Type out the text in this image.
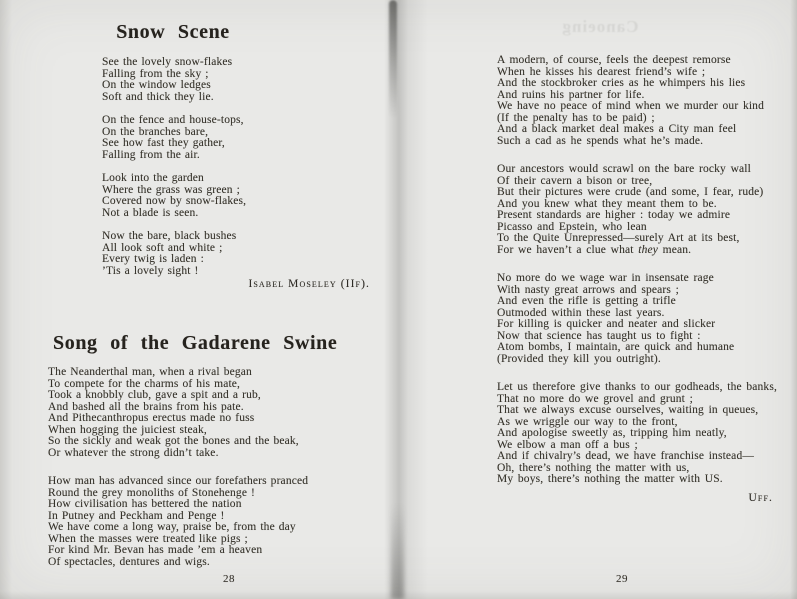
Canoeing
Snow Scene
See the lovely snow-flakes
Falling from the sky ;
On the window ledges
Soft and thick they lie.
On the fence and house-tops,
On the branches bare,
See how fast they gather,
Falling from the air.
Look into the garden
Where the grass was green ;
Covered now by snow-flakes,
Not a blade is seen.
Now the bare, black bushes
All look soft and white ;
Every twig is laden :
’Tis a lovely sight !
Isabel Moseley (IIf).
Song of the Gadarene Swine
The Neanderthal man, when a rival began
To compete for the charms of his mate,
Took a knobbly club, gave a spit and a rub,
And bashed all the brains from his pate.
And Pithecanthropus erectus made no fuss
When hogging the juiciest steak,
So the sickly and weak got the bones and the beak,
Or whatever the strong didn’t take.
How man has advanced since our forefathers pranced
Round the grey monoliths of Stonehenge !
How civilisation has bettered the nation
In Putney and Peckham and Penge !
We have come a long way, praise be, from the day
When the masses were treated like pigs ;
For kind Mr. Bevan has made ’em a heaven
Of spectacles, dentures and wigs.
28
A modern, of course, feels the deepest remorse
When he kisses his dearest friend’s wife ;
And the stockbroker cries as he whimpers his lies
And ruins his partner for life.
We have no peace of mind when we murder our kind
(If the penalty has to be paid) ;
And a black market deal makes a City man feel
Such a cad as he spends what he’s made.
Our ancestors would scrawl on the bare rocky wall
Of their cavern a bison or tree,
But their pictures were crude (and some, I fear, rude)
And you knew what they meant them to be.
Present standards are higher : today we admire
Picasso and Epstein, who lean
To the Quite Unrepressed—surely Art at its best,
For we haven’t a clue what they mean.
No more do we wage war in insensate rage
With nasty great arrows and spears ;
And even the rifle is getting a trifle
Outmoded within these last years.
For killing is quicker and neater and slicker
Now that science has taught us to fight :
Atom bombs, I maintain, are quick and humane
(Provided they kill you outright).
Let us therefore give thanks to our godheads, the banks,
That no more do we grovel and grunt ;
That we always excuse ourselves, waiting in queues,
As we wriggle our way to the front,
And apologise sweetly as, tripping him neatly,
We elbow a man off a bus ;
And if chivalry’s dead, we have franchise instead—
Oh, there’s nothing the matter with us,
My boys, there’s nothing the matter with US.
Uff.
29
